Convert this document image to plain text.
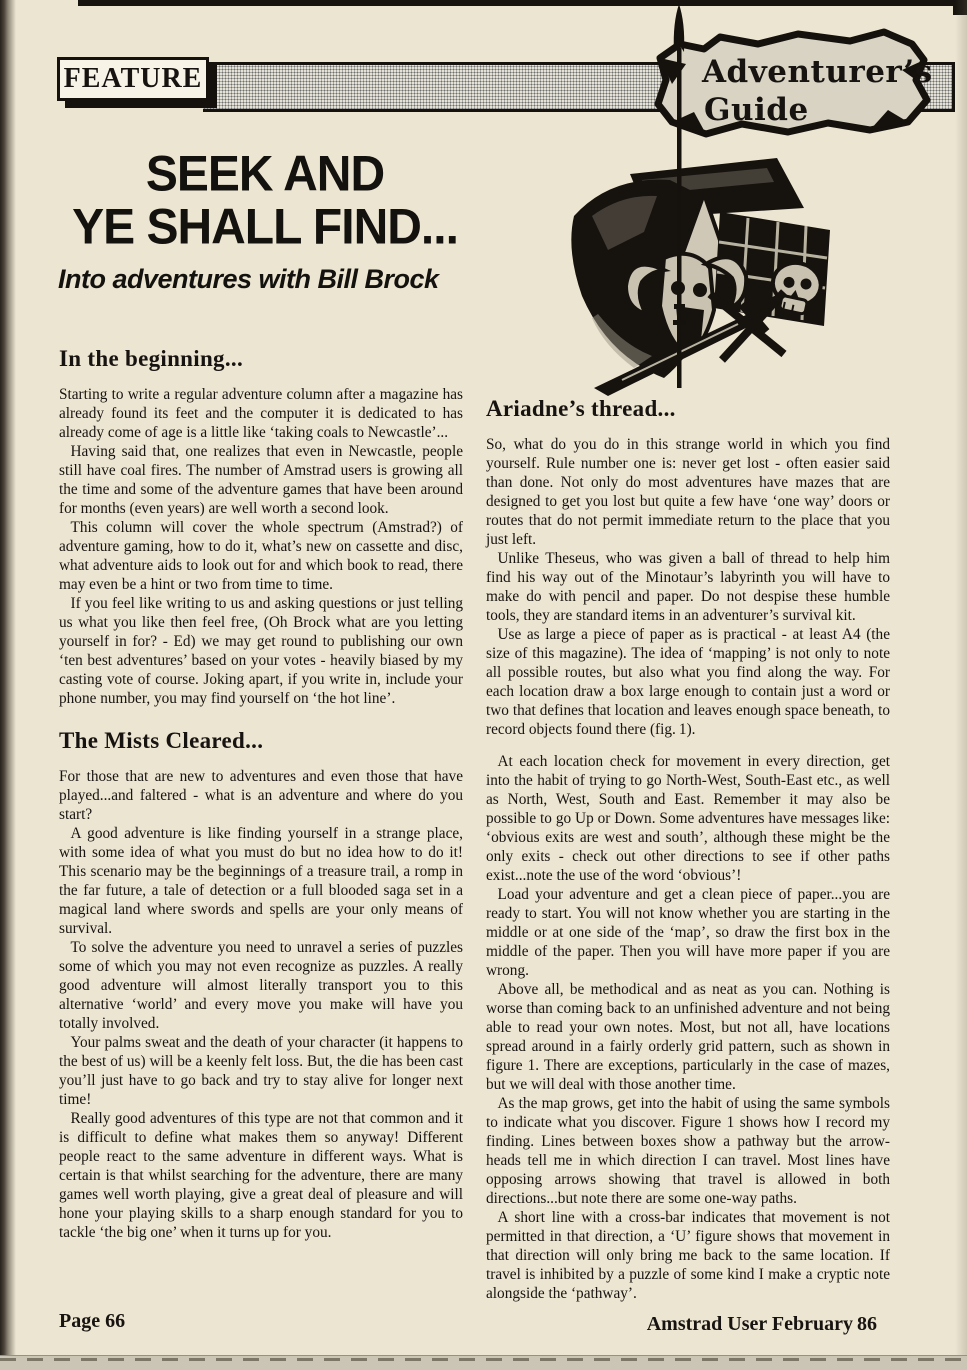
FEATURE	Adventurer’s
Guide
SEEK AND
YE SHALL FIND...
Into adventures with Bill Brock
In the beginning...

Starting to write a regular adventure column after a magazine has already found its feet and the computer it is dedicated to has already come of age is a little like ‘taking coals to Newcastle’...

Having said that, one realizes that even in Newcastle, people still have coal fires. The number of Amstrad users is growing all the time and some of the adventure games that have been around for months (even years) are well worth a second look.

This column will cover the whole spectrum (Amstrad?) of adventure gaming, how to do it, what’s new on cassette and disc, what adventure aids to look out for and which book to read, there may even be a hint or two from time to time.

If you feel like writing to us and asking questions or just telling us what you like then feel free, (Oh Brock what are you letting yourself in for? - Ed) we may get round to publishing our own ‘ten best adventures’ based on your votes - heavily biased by my casting vote of course. Joking apart, if you write in, include your phone number, you may find yourself on ‘the hot line’.

The Mists Cleared...

For those that are new to adventures and even those that have played...and faltered - what is an adventure and where do you start?

A good adventure is like finding yourself in a strange place, with some idea of what you must do but no idea how to do it! This scenario may be the beginnings of a treasure trail, a romp in the far future, a tale of detection or a full blooded saga set in a magical land where swords and spells are your only means of survival.

To solve the adventure you need to unravel a series of puzzles some of which you may not even recognize as puzzles. A really good adventure will almost literally transport you to this alternative ‘world’ and every move you make will have you totally involved.

Your palms sweat and the death of your character (it happens to the best of us) will be a keenly felt loss. But, the die has been cast you’ll just have to go back and try to stay alive for longer next time!

Really good adventures of this type are not that common and it is difficult to define what makes them so anyway! Different people react to the same adventure in different ways. What is certain is that whilst searching for the adventure, there are many games well worth playing, give a great deal of pleasure and will hone your playing skills to a sharp enough standard for you to tackle ‘the big one’ when it turns up for you.

Ariadne’s thread...

So, what do you do in this strange world in which you find yourself. Rule number one is: never get lost - often easier said than done. Not only do most adventures have mazes that are designed to get you lost but quite a few have ‘one way’ doors or routes that do not permit immediate return to the place that you just left.

Unlike Theseus, who was given a ball of thread to help him find his way out of the Minotaur’s labyrinth you will have to make do with pencil and paper. Do not despise these humble tools, they are standard items in an adventurer’s survival kit.

Use as large a piece of paper as is practical - at least A4 (the size of this magazine). The idea of ‘mapping’ is not only to note all possible routes, but also what you find along the way. For each location draw a box large enough to contain just a word or two that defines that location and leaves enough space beneath, to record objects found there (fig. 1).

At each location check for movement in every direction, get into the habit of trying to go North-West, South-East etc., as well as North, West, South and East. Remember it may also be possible to go Up or Down. Some adventures have messages like: ‘obvious exits are west and south’, although these might be the only exits - check out other directions to see if other paths exist...note the use of the word ‘obvious’!

Load your adventure and get a clean piece of paper...you are ready to start. You will not know whether you are starting in the middle or at one side of the ‘map’, so draw the first box in the middle of the paper. Then you will have more paper if you are wrong.

Above all, be methodical and as neat as you can. Nothing is worse than coming back to an unfinished adventure and not being able to read your own notes. Most, but not all, have locations spread around in a fairly orderly grid pattern, such as shown in figure 1. There are exceptions, particularly in the case of mazes, but we will deal with those another time.

As the map grows, get into the habit of using the same symbols to indicate what you discover. Figure 1 shows how I record my finding. Lines between boxes show a pathway but the arrow-heads tell me in which direction I can travel. Most lines have opposing arrows showing that travel is allowed in both directions...but note there are some one-way paths.

A short line with a cross-bar indicates that movement is not permitted in that direction, a ‘U’ figure shows that movement in that direction will only bring me back to the same location. If travel is inhibited by a puzzle of some kind I make a cryptic note alongside the ‘pathway’.

Page 66	Amstrad User February 86
